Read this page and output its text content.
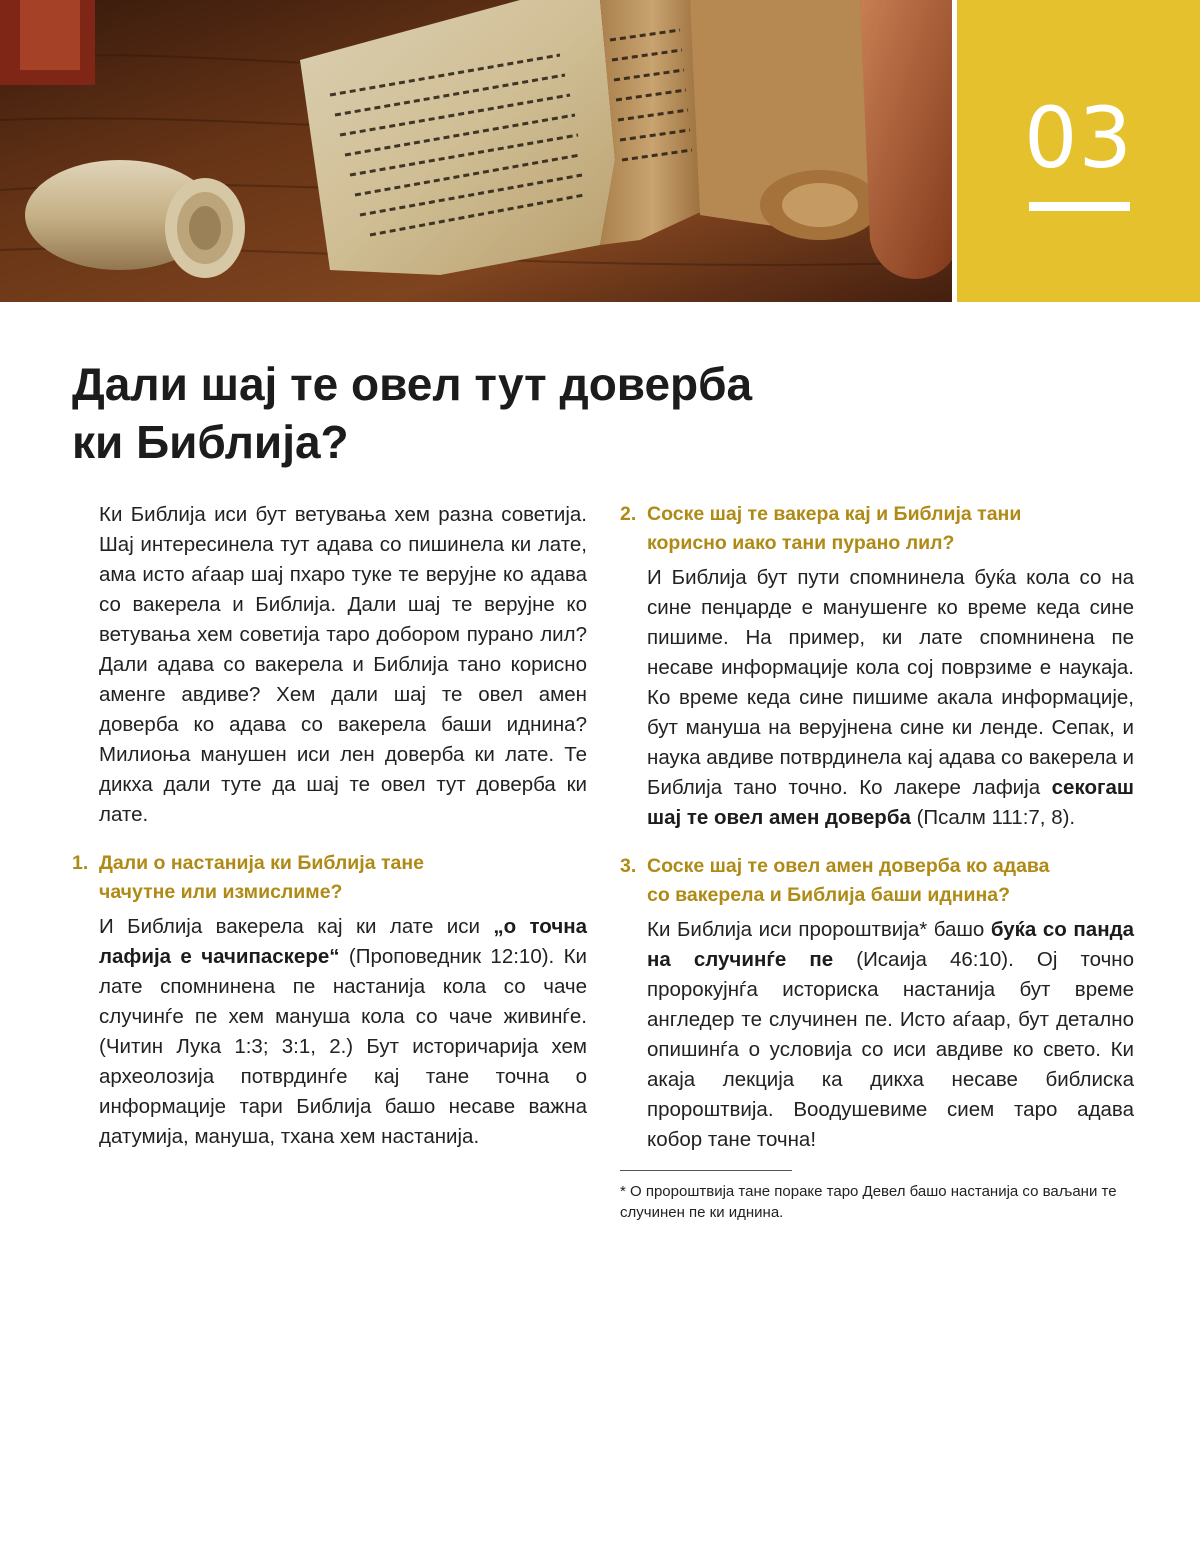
03
Дали шај те овел тут доверба
ки Библија?

Ки Библија иси бут ветувања хем разна советија. Шај интересинела тут адава со пишинела ки лате, ама исто аѓаар шај пхаро туке те верујне ко адава со вакерела и Библија. Дали шај те верујне ко ветувања хем советија таро добором пурано лил? Дали адава со вакерела и Библија тано корисно аменге авдиве? Хем дали шај те овел амен доверба ко адава со вакерела баши иднина? Милиоња манушен иси лен доверба ки лате. Те дикха дали туте да шај те овел тут доверба ки лате.

1. Дали о настанија ки Библија тане
чачутне или измислиме?

И Библија вакерела кај ки лате иси „о точна лафија е чачипаскере“ (Проповедник 12:10). Ки лате спомнинена пе настанија кола со чаче случинѓе пе хем мануша кола со чаче живинѓе. (Читин Лука 1:3; 3:1, 2.) Бут историчарија хем археолозија потврдинѓе кај тане точна о информације тари Библија башо несаве важна датумија, мануша, тхана хем настанија.

2. Соске шај те вакера кај и Библија тани
корисно иако тани пурано лил?

И Библија бут пути спомнинела буќа кола со на сине пенџарде е манушенге ко време кеда сине пишиме. На пример, ки лате спомнинена пе несаве информације кола сој поврзиме е наукаја. Ко време кеда сине пишиме акала информације, бут мануша на верујнена сине ки ленде. Сепак, и наука авдиве потврдинела кај адава со вакерела и Библија тано точно. Ко лакере лафија секогаш шај те овел амен доверба (Псалм 111:7, 8).

3. Соске шај те овел амен доверба ко адава
со вакерела и Библија баши иднина?

Ки Библија иси пророштвија* башо буќа со панда на случинѓе пе (Исаија 46:10). Ој точно пророкујнѓа историска настанија бут време англедер те случинен пе. Исто аѓаар, бут детално опишинѓа о условија со иси авдиве ко свето. Ки акаја лекција ка дикха несаве библиска пророштвија. Воодушевиме сием таро адава кобор тане точна!

* О пророштвија тане пораке таро Девел башо настанија со ваљани те случинен пе ки иднина.
